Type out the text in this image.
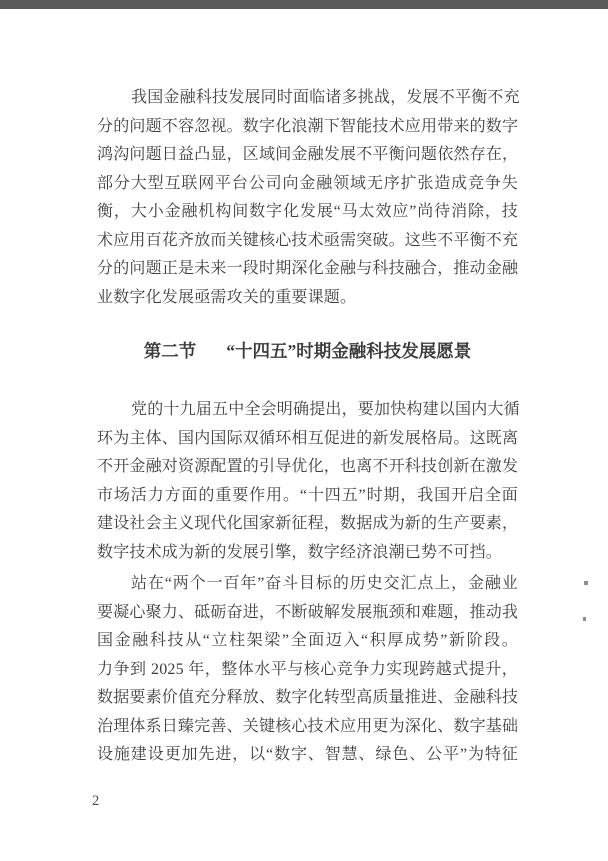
我国金融科技发展同时面临诸多挑战，发展不平衡不充
分的问题不容忽视。数字化浪潮下智能技术应用带来的数字
鸿沟问题日益凸显，区域间金融发展不平衡问题依然存在，
部分大型互联网平台公司向金融领域无序扩张造成竞争失
衡，大小金融机构间数字化发展“马太效应”尚待消除，技
术应用百花齐放而关键核心技术亟需突破。这些不平衡不充
分的问题正是未来一段时期深化金融与科技融合，推动金融
业数字化发展亟需攻关的重要课题。
第二节 “十四五”时期金融科技发展愿景
党的十九届五中全会明确提出，要加快构建以国内大循
环为主体、国内国际双循环相互促进的新发展格局。这既离
不开金融对资源配置的引导优化，也离不开科技创新在激发
市场活力方面的重要作用。“十四五”时期，我国开启全面
建设社会主义现代化国家新征程，数据成为新的生产要素，
数字技术成为新的发展引擎，数字经济浪潮已势不可挡。
站在“两个一百年”奋斗目标的历史交汇点上，金融业
要凝心聚力、砥砺奋进，不断破解发展瓶颈和难题，推动我
国金融科技从“立柱架梁”全面迈入“积厚成势”新阶段。
力争到 2025 年，整体水平与核心竞争力实现跨越式提升，
数据要素价值充分释放、数字化转型高质量推进、金融科技
治理体系日臻完善、关键核心技术应用更为深化、数字基础
设施建设更加先进，以“数字、智慧、绿色、公平”为特征
2
